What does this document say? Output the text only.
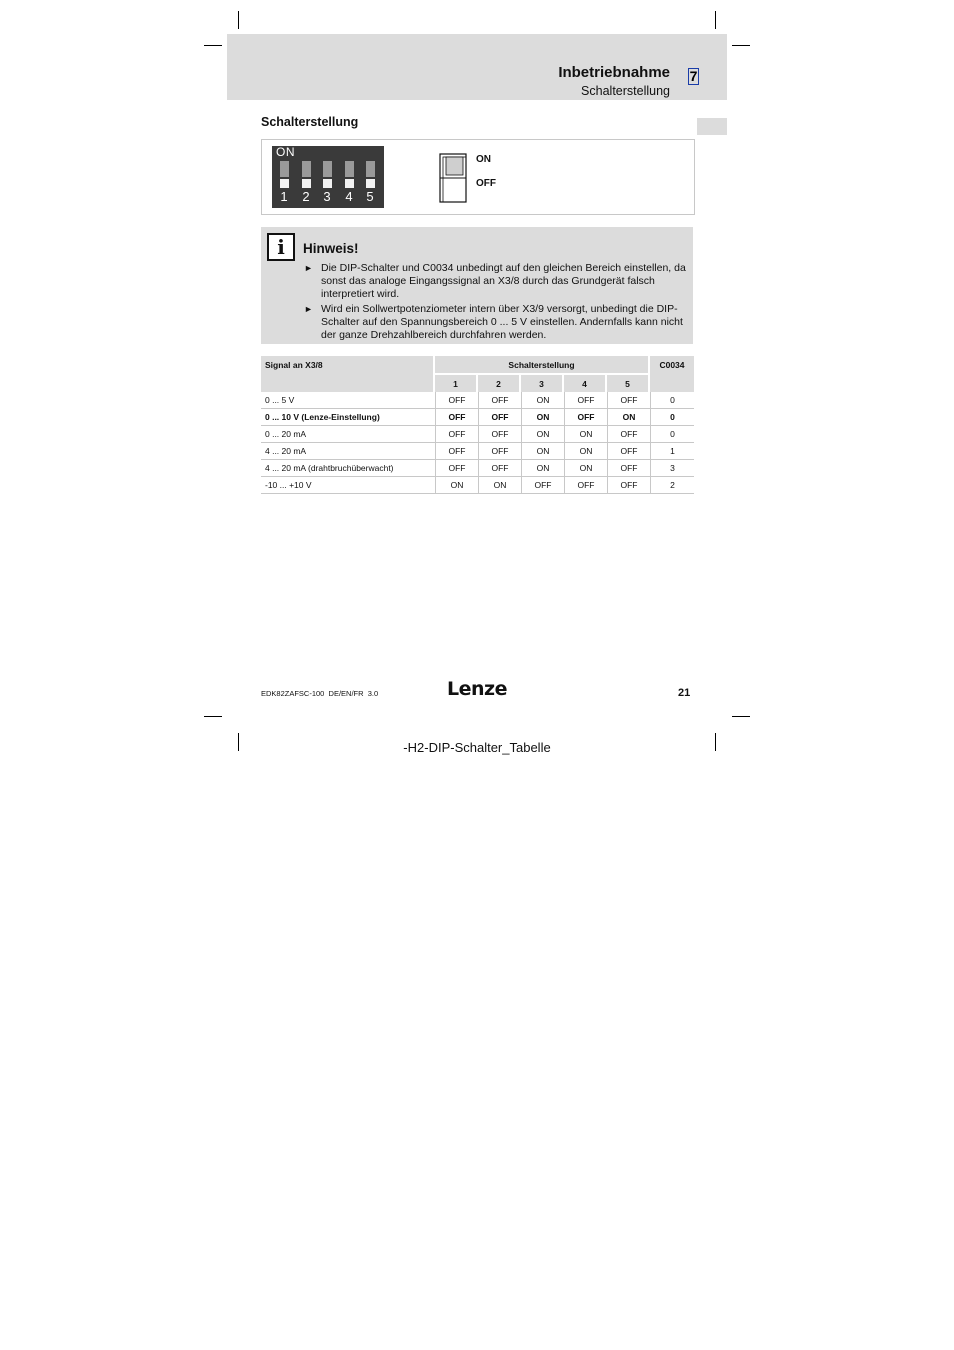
Inbetriebnahme
Schalterstellung
7
Schalterstellung
ON
1 2 3 4 5
ON
OFF
i	Hinweis!
► Die DIP-Schalter und C0034 unbedingt auf den gleichen Bereich einstellen, da sonst das analoge Eingangssignal an X3/8 durch das Grundgerät falsch interpretiert wird.
► Wird ein Sollwertpotenziometer intern über X3/9 versorgt, unbedingt die DIP-Schalter auf den Spannungsbereich 0 ... 5 V einstellen. Andernfalls kann nicht der ganze Drehzahlbereich durchfahren werden.
Signal an X3/8	Schalterstellung					C0034
	1	2	3	4	5	
0 ... 5 V	OFF	OFF	ON	OFF	OFF	0
0 ... 10 V (Lenze-Einstellung)	OFF	OFF	ON	OFF	ON	0
0 ... 20 mA	OFF	OFF	ON	ON	OFF	0
4 ... 20 mA	OFF	OFF	ON	ON	OFF	1
4 ... 20 mA (drahtbruchüberwacht)	OFF	OFF	ON	ON	OFF	3
-10 ... +10 V	ON	ON	OFF	OFF	OFF	2
EDK82ZAFSC-100  DE/EN/FR  3.0	Lenze	21
-H2-DIP-Schalter_Tabelle
